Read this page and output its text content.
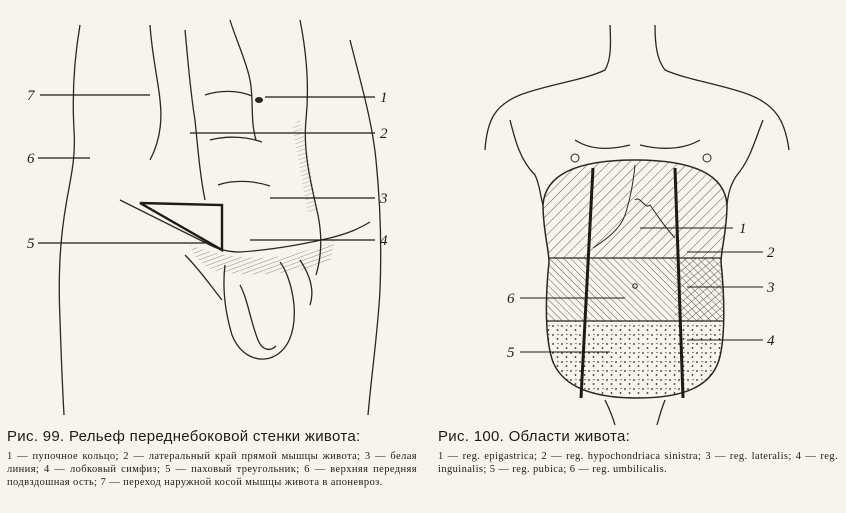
7	1
2
6
3
5	4
1
2
3
4
6
5

Рис. 99. Рельеф переднебоковой стенки живота:

1 — пупочное кольцо; 2 — латеральный край прямой мышцы живота; 3 — белая линия; 4 — лобковый симфиз; 5 — паховый треугольник; 6 — верхняя передняя подвздошная ость; 7 — переход наружной косой мышцы живота в апоневроз.

Рис. 100. Области живота:

1 — reg. epigastrica; 2 — reg. hypochondriaca sinistra; 3 — reg. lateralis; 4 — reg. inguinalis; 5 — reg. pubica; 6 — reg. umbilicalis.
